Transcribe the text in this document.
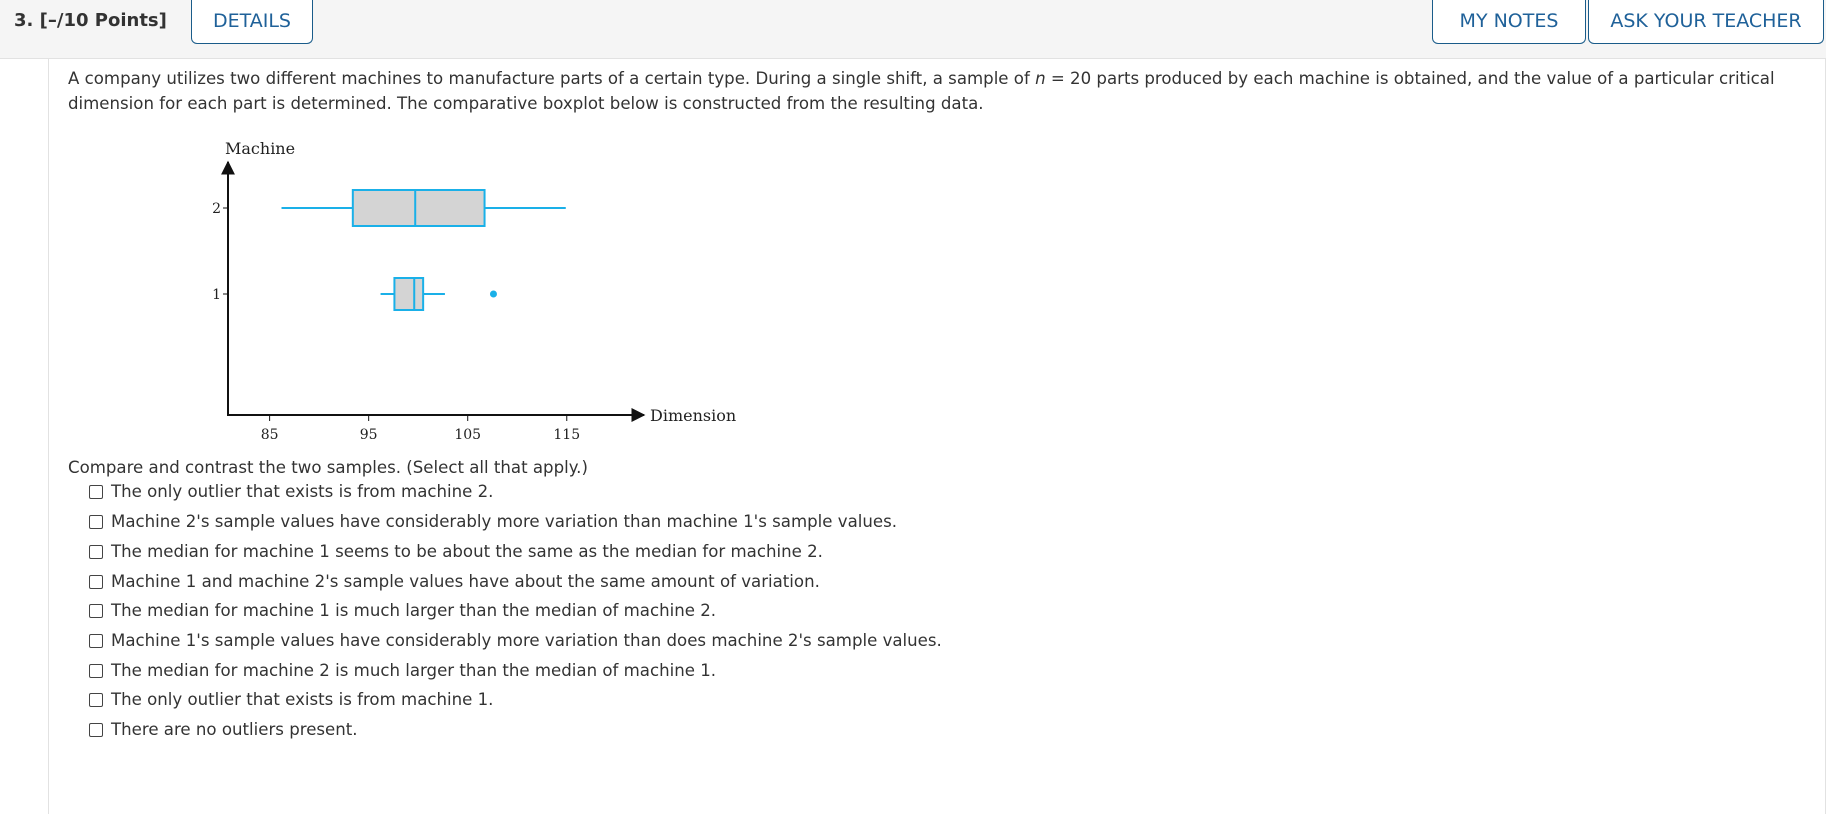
3. [–/10 Points]	DETAILS	MY NOTES	ASK YOUR TEACHER
A company utilizes two different machines to manufacture parts of a certain type. During a single shift, a sample of n = 20 parts produced by each machine is obtained, and the value of a particular critical dimension for each part is determined. The comparative boxplot below is constructed from the resulting data.
Machine
Dimension
85	95	105	115
1
2
Compare and contrast the two samples. (Select all that apply.)
The only outlier that exists is from machine 2.
Machine 2's sample values have considerably more variation than machine 1's sample values.
The median for machine 1 seems to be about the same as the median for machine 2.
Machine 1 and machine 2's sample values have about the same amount of variation.
The median for machine 1 is much larger than the median of machine 2.
Machine 1's sample values have considerably more variation than does machine 2's sample values.
The median for machine 2 is much larger than the median of machine 1.
The only outlier that exists is from machine 1.
There are no outliers present.
